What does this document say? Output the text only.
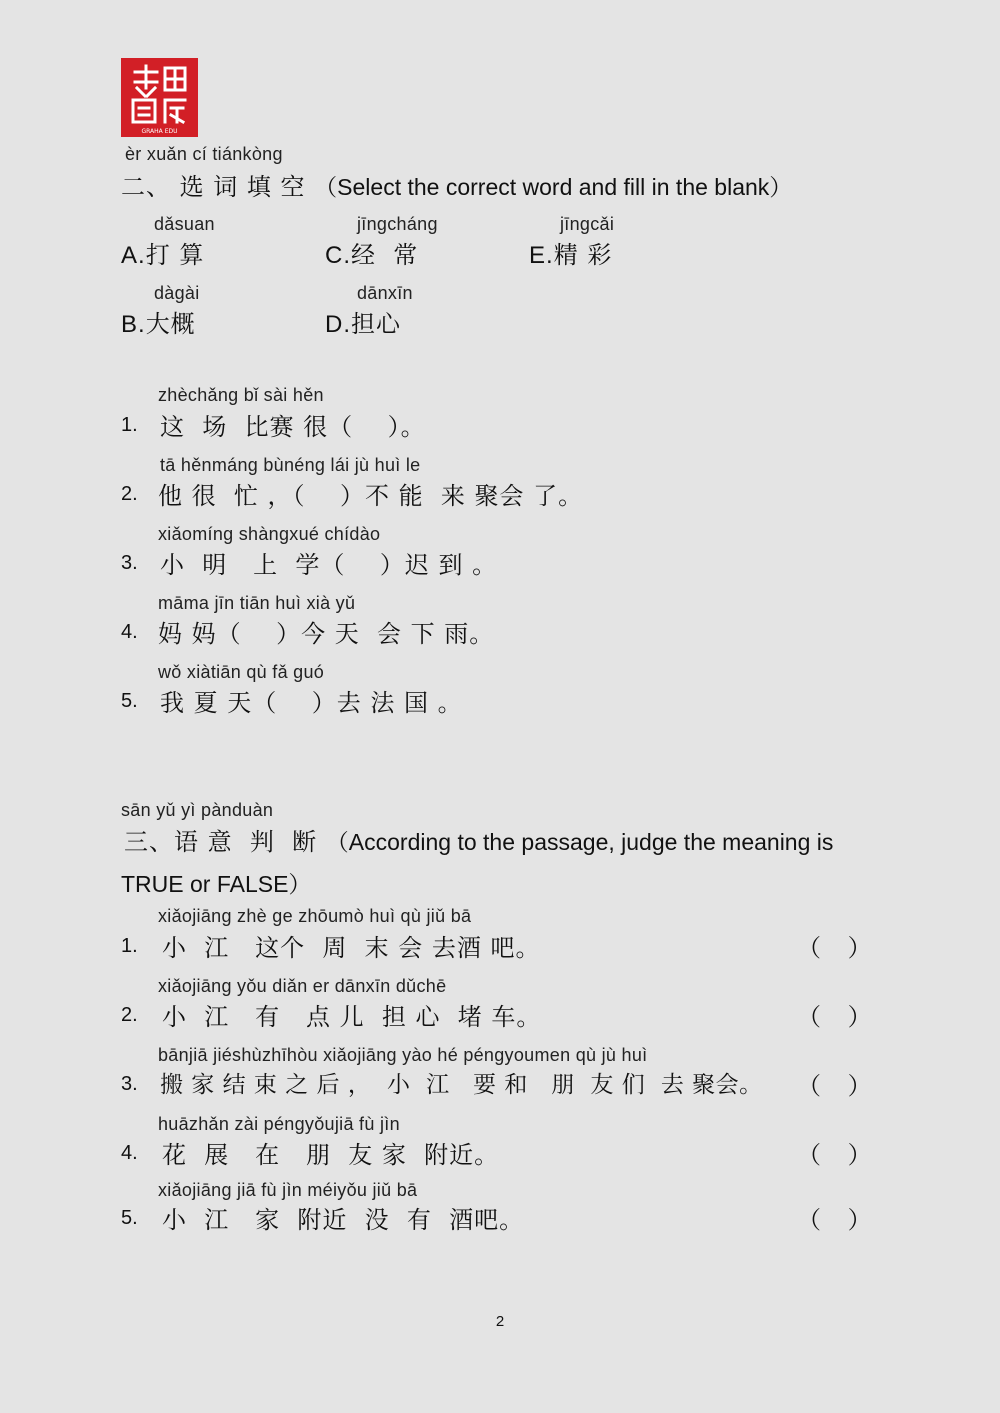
GRAHA EDU
èr xuǎn cí tiánkòng
二、 选 词 填 空 （Select the correct word and fill in the blank）
dǎsuan
A.打 算
jīngcháng
C.经  常
jīngcǎi
E.精 彩
dàgài
B.大概
dānxīn
D.担心
zhèchǎng bǐ sài hěn
1. 这  场  比赛 很（    ）。
tā hěnmáng bùnéng lái jù huì le
2. 他 很  忙 ，（    ）不 能  来 聚会 了。
xiǎomíng shàngxué chídào
3. 小  明   上  学（    ）迟 到 。
māma jīn tiān huì xià yǔ
4. 妈 妈（    ）今 天  会 下 雨。
wǒ xiàtiān qù fǎ guó
5. 我 夏 天（    ）去 法 国 。
sān yǔ yì pànduàn
三、语 意  判  断 （According to the passage, judge the meaning is
TRUE or FALSE）
xiǎojiāng zhè ge zhōumò huì qù jiǔ bā
1. 小  江   这个  周  末 会 去酒 吧。	（    ）
xiǎojiāng yǒu diǎn er dānxīn dǔchē
2. 小  江   有   点 儿  担 心  堵 车。	（    ）
bānjiā jiéshùzhīhòu xiǎojiāng yào hé péngyoumen qù jù huì
3. 搬 家 结 束 之 后 ，  小  江   要 和   朋  友 们  去 聚会。 （    ）
huāzhǎn zài péngyǒujiā fù jìn
4. 花  展   在   朋  友 家  附近。	（    ）
xiǎojiāng jiā fù jìn méiyǒu jiǔ bā
5. 小  江   家  附近  没  有  酒吧。	（    ）
2
